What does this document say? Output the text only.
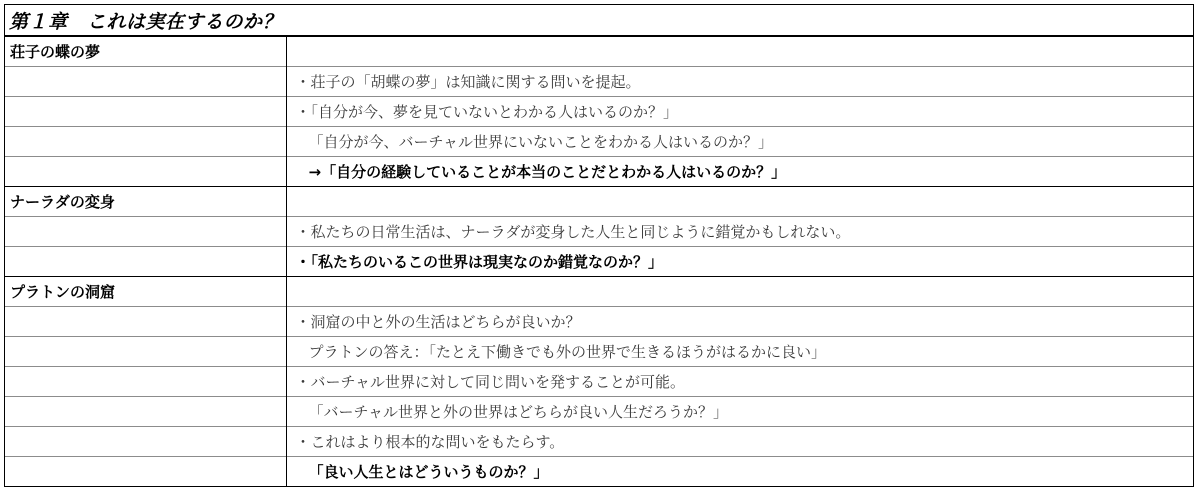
第１章　これは実在するのか？
荘子の蝶の夢	
	・荘子の「胡蝶の夢」は知識に関する問いを提起。
	・「自分が今、夢を見ていないとわかる人はいるのか？」
	「自分が今、バーチャル世界にいないことをわかる人はいるのか？」
	→「自分の経験していることが本当のことだとわかる人はいるのか？」
ナーラダの変身	
	・私たちの日常生活は、ナーラダが変身した人生と同じように錯覚かもしれない。
	・「私たちのいるこの世界は現実なのか錯覚なのか？」
プラトンの洞窟	
	・洞窟の中と外の生活はどちらが良いか？
	プラトンの答え：「たとえ下働きでも外の世界で生きるほうがはるかに良い」
	・バーチャル世界に対して同じ問いを発することが可能。
	「バーチャル世界と外の世界はどちらが良い人生だろうか？」
	・これはより根本的な問いをもたらす。
	「良い人生とはどういうものか？」
